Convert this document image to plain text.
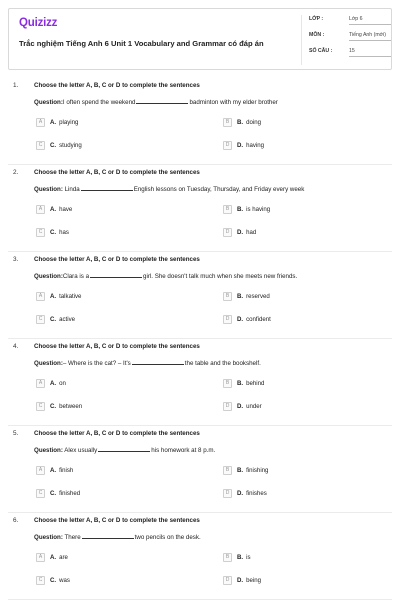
Quizizz
Trắc nghiệm Tiếng Anh 6 Unit 1 Vocabulary and Grammar có đáp án
LỚP :	Lớp 6
MÔN :	Tiếng Anh (mới)
SỐ CÂU :	15
1.	Choose the letter A, B, C or D to complete the sentences
Question:I often spend the weekend	badminton with my elder brother
A	A. playing	B	B. doing
C	C. studying	D	D. having
2.	Choose the letter A, B, C or D to complete the sentences
Question: Linda	English lessons on Tuesday, Thursday, and Friday every week
A	A. have	B	B. is having
C	C. has	D	D. had
3.	Choose the letter A, B, C or D to complete the sentences
Question:Clara is a	girl. She doesn't talk much when she meets new friends.
A	A. talkative	B	B. reserved
C	C. active	D	D. confident
4.	Choose the letter A, B, C or D to complete the sentences
Question:– Where is the cat? – It's	the table and the bookshelf.
A	A. on	B	B. behind
C	C. between	D	D. under
5.	Choose the letter A, B, C or D to complete the sentences
Question: Alex usually	his homework at 8 p.m.
A	A. finish	B	B. finishing
C	C. finished	D	D. finishes
6.	Choose the letter A, B, C or D to complete the sentences
Question: There	two pencils on the desk.
A	A. are	B	B. is
C	C. was	D	D. being
